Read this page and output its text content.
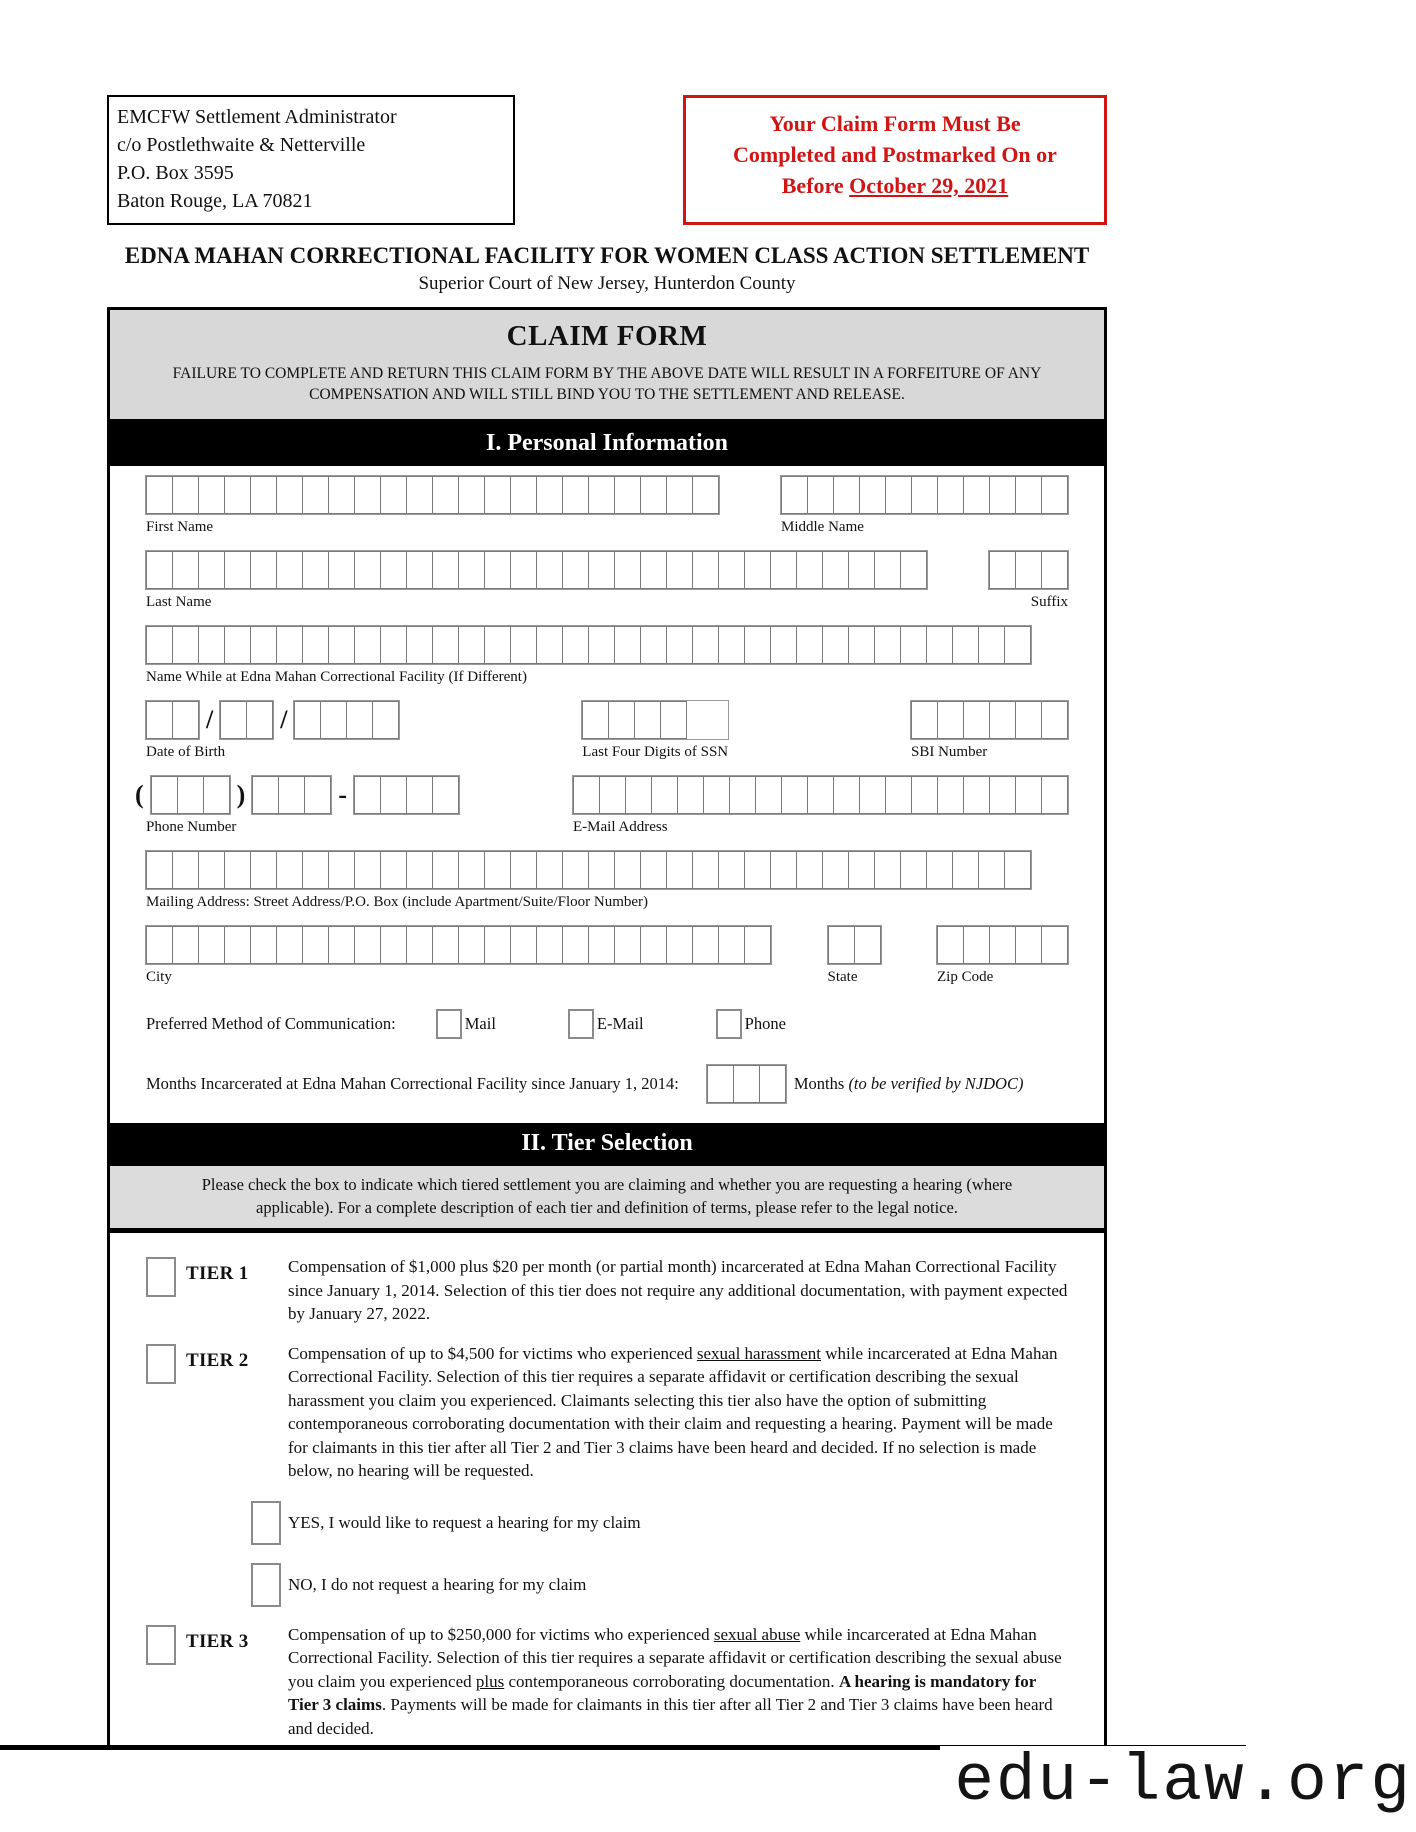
EMCFW Settlement Administrator
c/o Postlethwaite & Netterville
P.O. Box 3595
Baton Rouge, LA 70821
Your Claim Form Must Be
Completed and Postmarked On or
Before October 29, 2021
EDNA MAHAN CORRECTIONAL FACILITY FOR WOMEN CLASS ACTION SETTLEMENT
Superior Court of New Jersey, Hunterdon County
CLAIM FORM
FAILURE TO COMPLETE AND RETURN THIS CLAIM FORM BY THE ABOVE DATE WILL RESULT IN A FORFEITURE OF ANY COMPENSATION AND WILL STILL BIND YOU TO THE SETTLEMENT AND RELEASE.
I. Personal Information
First Name	Middle Name
Last Name	Suffix
Name While at Edna Mahan Correctional Facility (If Different)
/	/
Date of Birth	Last Four Digits of SSN	SBI Number
(	)	-
Phone Number	E-Mail Address
Mailing Address: Street Address/P.O. Box (include Apartment/Suite/Floor Number)
City	State	Zip Code
Preferred Method of Communication:	Mail	E-Mail	Phone
Months Incarcerated at Edna Mahan Correctional Facility since January 1, 2014:	Months (to be verified by NJDOC)
II. Tier Selection
Please check the box to indicate which tiered settlement you are claiming and whether you are requesting a hearing (where applicable). For a complete description of each tier and definition of terms, please refer to the legal notice.
TIER 1	Compensation of $1,000 plus $20 per month (or partial month) incarcerated at Edna Mahan Correctional Facility since January 1, 2014. Selection of this tier does not require any additional documentation, with payment expected by January 27, 2022.
TIER 2	Compensation of up to $4,500 for victims who experienced sexual harassment while incarcerated at Edna Mahan Correctional Facility. Selection of this tier requires a separate affidavit or certification describing the sexual harassment you claim you experienced. Claimants selecting this tier also have the option of submitting contemporaneous corroborating documentation with their claim and requesting a hearing. Payment will be made for claimants in this tier after all Tier 2 and Tier 3 claims have been heard and decided. If no selection is made below, no hearing will be requested.
YES, I would like to request a hearing for my claim
NO, I do not request a hearing for my claim
TIER 3	Compensation of up to $250,000 for victims who experienced sexual abuse while incarcerated at Edna Mahan Correctional Facility. Selection of this tier requires a separate affidavit or certification describing the sexual abuse you claim you experienced plus contemporaneous corroborating documentation. A hearing is mandatory for Tier 3 claims. Payments will be made for claimants in this tier after all Tier 2 and Tier 3 claims have been heard and decided.
edu-law.org
